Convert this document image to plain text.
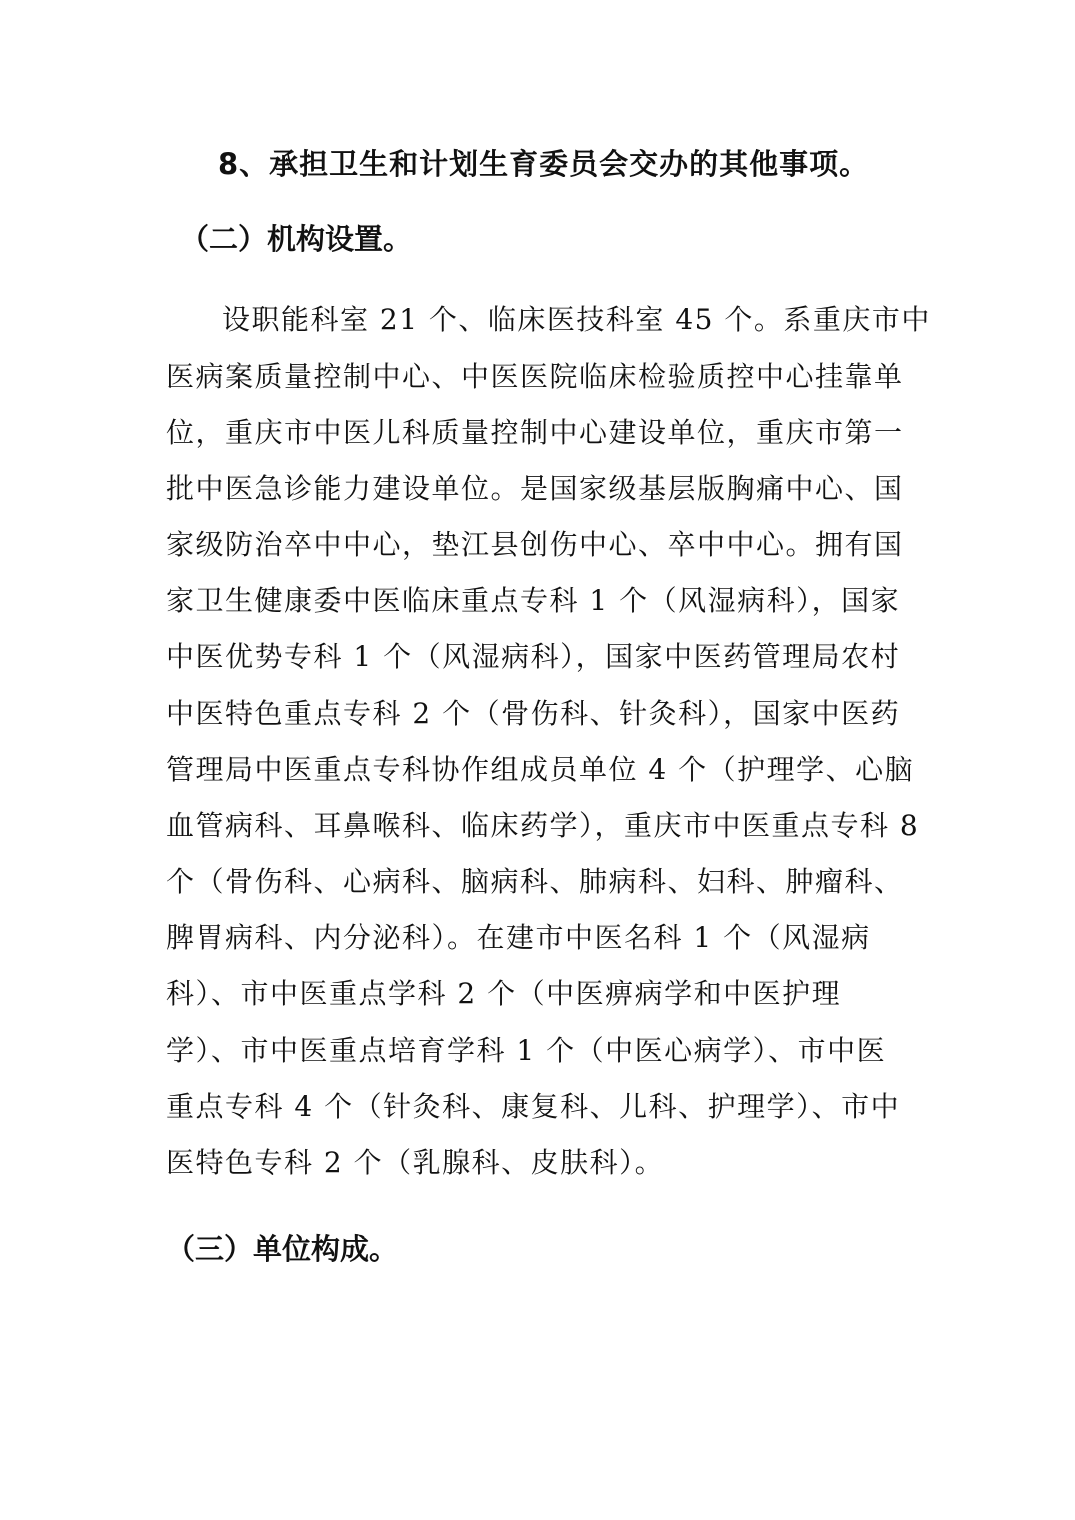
8、承担卫生和计划生育委员会交办的其他事项。
（二）机构设置。
设职能科室 21 个、临床医技科室 45 个。系重庆市中
医病案质量控制中心、中医医院临床检验质控中心挂靠单
位，重庆市中医儿科质量控制中心建设单位，重庆市第一
批中医急诊能力建设单位。是国家级基层版胸痛中心、国
家级防治卒中中心，垫江县创伤中心、卒中中心。拥有国
家卫生健康委中医临床重点专科 1 个（风湿病科），国家
中医优势专科 1 个（风湿病科），国家中医药管理局农村
中医特色重点专科 2 个（骨伤科、针灸科），国家中医药
管理局中医重点专科协作组成员单位 4 个（护理学、心脑
血管病科、耳鼻喉科、临床药学），重庆市中医重点专科 8
个（骨伤科、心病科、脑病科、肺病科、妇科、肿瘤科、
脾胃病科、内分泌科）。在建市中医名科 1 个（风湿病
科）、市中医重点学科 2 个（中医痹病学和中医护理
学）、市中医重点培育学科 1 个（中医心病学）、市中医
重点专科 4 个（针灸科、康复科、儿科、护理学）、市中
医特色专科 2 个（乳腺科、皮肤科）。
（三）单位构成。
